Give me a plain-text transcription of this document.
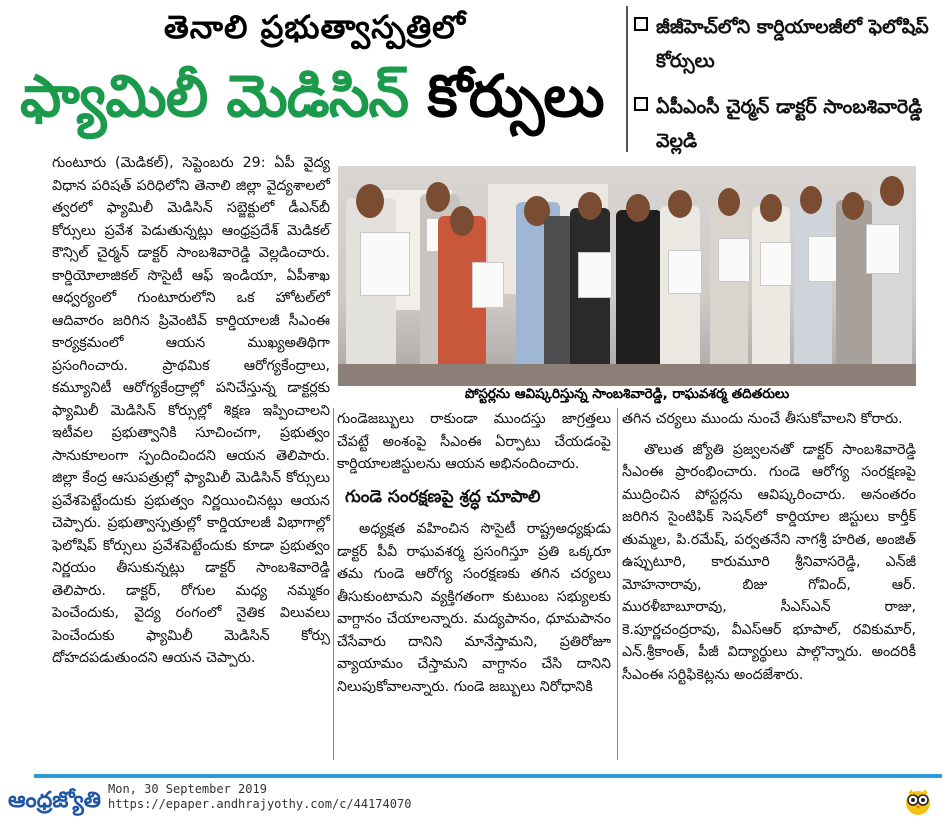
తెనాలి ప్రభుత్వాస్పత్రిలో
ఫ్యామిలీ మెడిసిన్ కోర్సులు
జీజీహెచ్‌లోని కార్డియాలజీలో ఫెలోషిప్ కోర్సులు
ఏపీఎంసీ చైర్మన్ డాక్టర్ సాంబశివారెడ్డి వెల్లడి

గుంటూరు (మెడికల్), సెప్టెంబరు 29: ఏపీ వైద్య విధాన పరిషత్ పరిధిలోని తెనాలి జిల్లా వైద్యశాలలో త్వరలో ఫ్యామిలీ మెడిసిన్ సబ్జెక్టులో డీఎన్‌బీ కోర్సులు ప్రవేశ పెడుతున్నట్లు ఆంధ్రప్రదేశ్ మెడికల్ కౌన్సిల్ చైర్మన్ డాక్టర్ సాంబశివారెడ్డి వెల్లడించారు. కార్డియోలాజికల్ సొసైటీ ఆఫ్ ఇండియా, ఏపీశాఖ ఆధ్వర్యంలో గుంటూరులోని ఒక హోటల్‌లో ఆదివారం జరిగిన ప్రివెంటివ్ కార్డియాలజీ సీఎంఈ కార్యక్రమంలో ఆయన ముఖ్యఅతిథిగా ప్రసంగించారు. ప్రాథమిక ఆరోగ్యకేంద్రాలు, కమ్యూనిటీ ఆరోగ్యకేంద్రాల్లో పనిచేస్తున్న డాక్టర్లకు ఫ్యామిలీ మెడిసిన్ కోర్సుల్లో శిక్షణ ఇప్పించాలని ఇటీవల ప్రభుత్వానికి సూచించగా, ప్రభుత్వం సానుకూలంగా స్పందించిందని ఆయన తెలిపారు. జిల్లా కేంద్ర ఆసుపత్రుల్లో ఫ్యామిలీ మెడిసిన్ కోర్సులు ప్రవేశపెట్టేందుకు ప్రభుత్వం నిర్ణయించినట్లు ఆయన చెప్పారు. ప్రభుత్వాస్పత్రుల్లో కార్డియాలజీ విభాగాల్లో ఫెలోషిప్ కోర్సులు ప్రవేశపెట్టేందుకు కూడా ప్రభుత్వం నిర్ణయం తీసుకున్నట్లు డాక్టర్ సాంబశివారెడ్డి తెలిపారు. డాక్టర్, రోగుల మధ్య నమ్మకం పెంచేందుకు, వైద్య రంగంలో నైతిక విలువలు పెంచేందుకు ఫ్యామిలీ మెడిసిన్ కోర్సు దోహదపడుతుందని ఆయన చెప్పారు.

పోస్టర్లను ఆవిష్కరిస్తున్న సాంబశివారెడ్డి, రాఘవశర్మ తదితరులు

గుండెజబ్బులు రాకుండా ముందస్తు జాగ్రత్తలు చేపట్టే అంశంపై సీఎంఈ ఏర్పాటు చేయడంపై కార్డియాలజిస్టులను ఆయన అభినందించారు.

గుండె సంరక్షణపై శ్రద్ధ చూపాలి

అధ్యక్షత వహించిన సొసైటీ రాష్ట్రఅధ్యక్షుడు డాక్టర్ పీవీ రాఘవశర్మ ప్రసంగిస్తూ ప్రతి ఒక్కరూ తమ గుండె ఆరోగ్య సంరక్షణకు తగిన చర్యలు తీసుకుంటామని వ్యక్తిగతంగా కుటుంబ సభ్యులకు వాగ్దానం చేయాలన్నారు. మద్యపానం, ధూమపానం చేసేవారు దానిని మానేస్తామని, ప్రతిరోజూ వ్యాయామం చేస్తామని వాగ్దానం చేసి దానిని నిలుపుకోవాలన్నారు. గుండె జబ్బులు నిరోధానికి

తగిన చర్యలు ముందు నుంచే తీసుకోవాలని కోరారు.

తొలుత జ్యోతి ప్రజ్వలనతో డాక్టర్ సాంబశివారెడ్డి సీఎంఈ ప్రారంభించారు. గుండె ఆరోగ్య సంరక్షణపై ముద్రించిన పోస్టర్లను ఆవిష్కరించారు. అనంతరం జరిగిన సైంటిఫిక్ సెషన్‌లో కార్డియాల జిస్టులు కార్తీక్ తుమ్మల, పి.రమేష్, పర్వతనేని నాగశ్రీ హరిత, అంజిత్ ఉప్పుటూరి, కారుమూరి శ్రీనివాసరెడ్డి, ఎన్‌జీ మోహనారావు, బిజు గోవింద్, ఆర్. మురళీబాబూరావు, సీఎస్ఎన్ రాజు, కె.పూర్ణచంద్రరావు, వీఎస్‌ఆర్ భూపాల్, రవికుమార్, ఎన్.శ్రీకాంత్, పీజీ విద్యార్థులు పాల్గొన్నారు. అందరికీ సీఎంఈ సర్టిఫికెట్లను అందజేశారు.

ఆంధ్రజ్యోతి Mon, 30 September 2019
https://epaper.andhrajyothy.com/c/44174070
